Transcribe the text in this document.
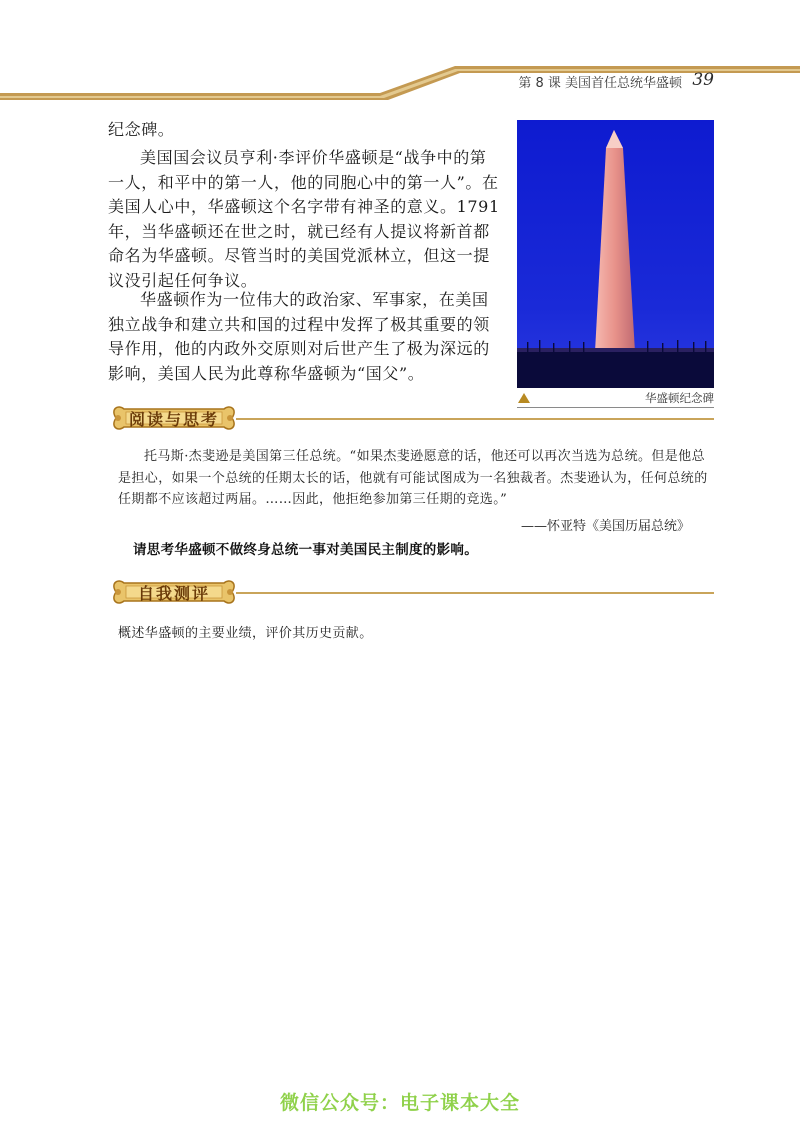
第 8 课 美国首任总统华盛顿 39

纪念碑。

美国国会议员亨利·李评价华盛顿是“战争中的第一人，和平中的第一人，他的同胞心中的第一人”。在美国人心中，华盛顿这个名字带有神圣的意义。1791 年，当华盛顿还在世之时，就已经有人提议将新首都命名为华盛顿。尽管当时的美国党派林立，但这一提议没引起任何争议。

华盛顿作为一位伟大的政治家、军事家，在美国独立战争和建立共和国的过程中发挥了极其重要的领导作用，他的内政外交原则对后世产生了极为深远的影响，美国人民为此尊称华盛顿为“国父”。

华盛顿纪念碑
阅读与思考

托马斯·杰斐逊是美国第三任总统。“如果杰斐逊愿意的话，他还可以再次当选为总统。但是他总是担心，如果一个总统的任期太长的话，他就有可能试图成为一名独裁者。杰斐逊认为，任何总统的任期都不应该超过两届。……因此，他拒绝参加第三任期的竞选。”

——怀亚特《美国历届总统》
请思考华盛顿不做终身总统一事对美国民主制度的影响。
自我测评
概述华盛顿的主要业绩，评价其历史贡献。
微信公众号：电子课本大全
